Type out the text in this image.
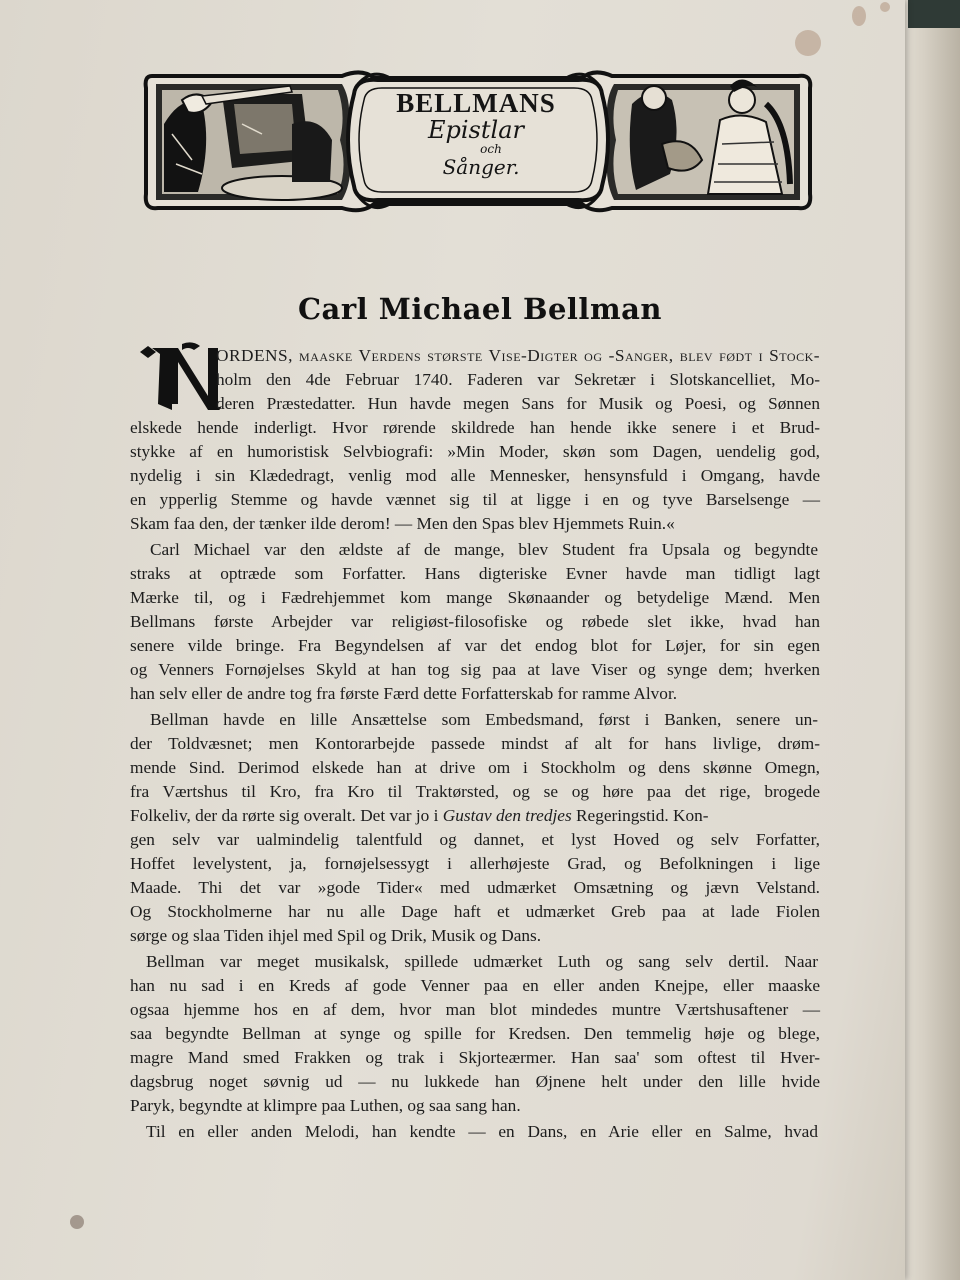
BELLMANS
Epistlar
och
Sånger.
Carl Michael Bellman
ORDENS, maaske Verdens største Vise-Digter og -Sanger, blev født i Stock-
holm den 4de Februar 1740. Faderen var Sekretær i Slotskancelliet, Mo-
deren Præstedatter. Hun havde megen Sans for Musik og Poesi, og Sønnen
elskede hende inderligt. Hvor rørende skildrede han hende ikke senere i et Brud-
stykke af en humoristisk Selvbiografi: »Min Moder, skøn som Dagen, uendelig god,
nydelig i sin Klædedragt, venlig mod alle Mennesker, hensynsfuld i Omgang, havde
en ypperlig Stemme og havde vænnet sig til at ligge i en og tyve Barselsenge —
Skam faa den, der tænker ilde derom! — Men den Spas blev Hjemmets Ruin.«
Carl Michael var den ældste af de mange, blev Student fra Upsala og begyndte
straks at optræde som Forfatter. Hans digteriske Evner havde man tidligt lagt
Mærke til, og i Fædrehjemmet kom mange Skønaander og betydelige Mænd. Men
Bellmans første Arbejder var religiøst-filosofiske og røbede slet ikke, hvad han
senere vilde bringe. Fra Begyndelsen af var det endog blot for Løjer, for sin egen
og Venners Fornøjelses Skyld at han tog sig paa at lave Viser og synge dem; hverken
han selv eller de andre tog fra første Færd dette Forfatterskab for ramme Alvor.
Bellman havde en lille Ansættelse som Embedsmand, først i Banken, senere un-
der Toldvæsnet; men Kontorarbejde passede mindst af alt for hans livlige, drøm-
mende Sind. Derimod elskede han at drive om i Stockholm og dens skønne Omegn,
fra Værtshus til Kro, fra Kro til Traktørsted, og se og høre paa det rige, brogede
Folkeliv, der da rørte sig overalt. Det var jo i Gustav den tredjes Regeringstid. Kon-
gen selv var ualmindelig talentfuld og dannet, et lyst Hoved og selv Forfatter,
Hoffet levelystent, ja, fornøjelsessygt i allerhøjeste Grad, og Befolkningen i lige
Maade. Thi det var »gode Tider« med udmærket Omsætning og jævn Velstand.
Og Stockholmerne har nu alle Dage haft et udmærket Greb paa at lade Fiolen
sørge og slaa Tiden ihjel med Spil og Drik, Musik og Dans.
Bellman var meget musikalsk, spillede udmærket Luth og sang selv dertil. Naar
han nu sad i en Kreds af gode Venner paa en eller anden Knejpe, eller maaske
ogsaa hjemme hos en af dem, hvor man blot mindedes muntre Værtshusaftener —
saa begyndte Bellman at synge og spille for Kredsen. Den temmelig høje og blege,
magre Mand smed Frakken og trak i Skjorteærmer. Han saa' som oftest til Hver-
dagsbrug noget søvnig ud — nu lukkede han Øjnene helt under den lille hvide
Paryk, begyndte at klimpre paa Luthen, og saa sang han.
Til en eller anden Melodi, han kendte — en Dans, en Arie eller en Salme, hvad
